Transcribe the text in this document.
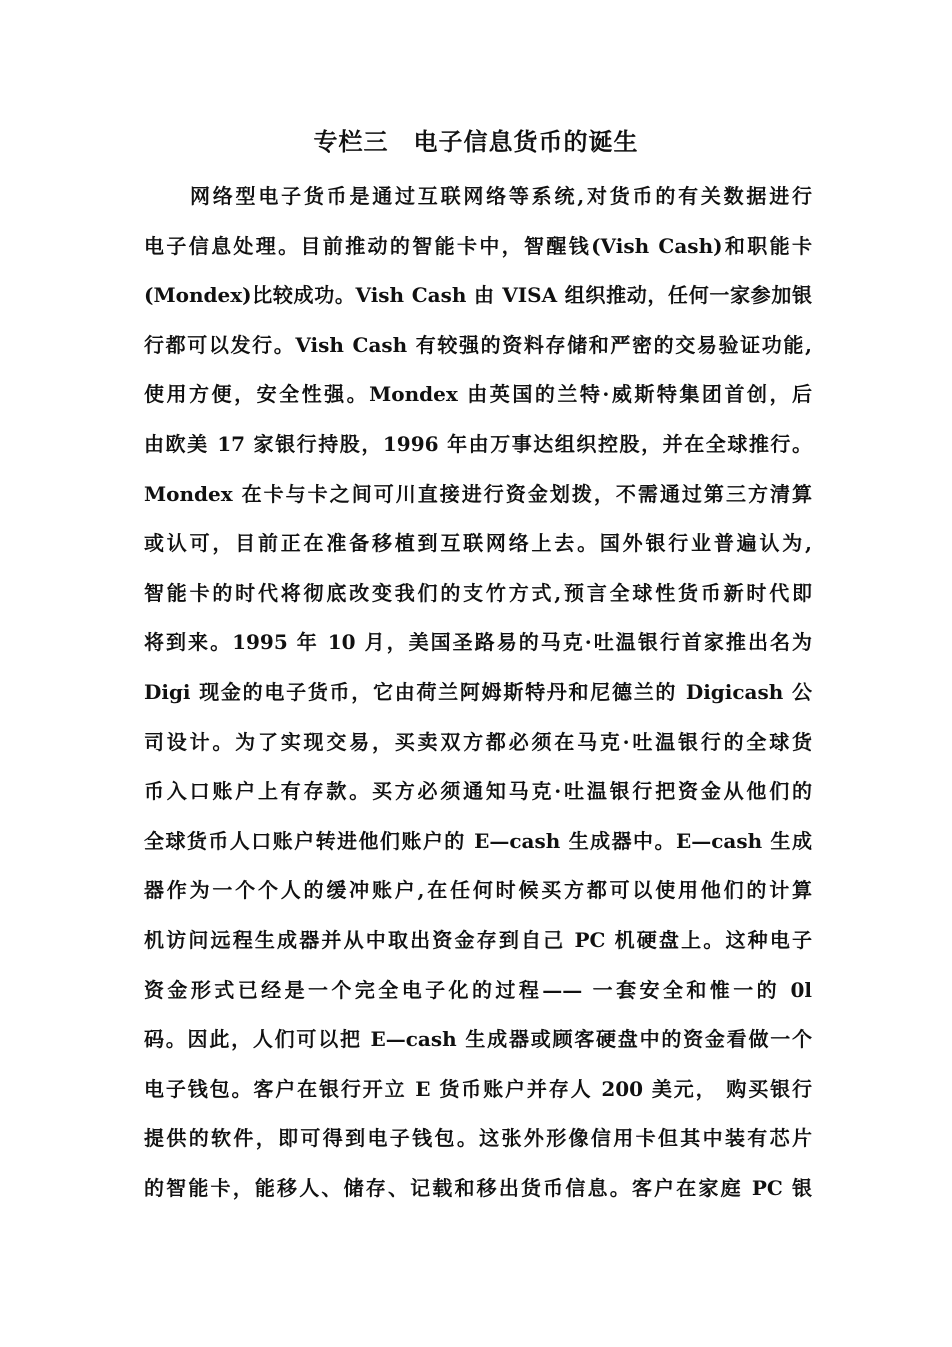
专栏三　电子信息货币的诞生
网络型电子货币是通过互联网络等系统,对货币的有关数据进行
电子信息处理。目前推动的智能卡中，智醒钱(Vish Cash)和职能卡
(Mondex)比较成功。Vish Cash 由 VISA 组织推动，任何一家参加银
行都可以发行。Vish Cash 有较强的资料存储和严密的交易验证功能,
使用方便，安全性强。Mondex 由英国的兰特·威斯特集团首创，后
由欧美 17 家银行持股，1996 年由万事达组织控股，并在全球推行。
Mondex 在卡与卡之间可川直接进行资金划拨，不需通过第三方清算
或认可，目前正在准备移植到互联网络上去。国外银行业普遍认为,
智能卡的时代将彻底改变我们的支竹方式,预言全球性货币新时代即
将到来。1995 年 10 月，美国圣路易的马克·吐温银行首家推出名为
Digi 现金的电子货币，它由荷兰阿姆斯特丹和尼德兰的 Digicash 公
司设计。为了实现交易，买卖双方都必须在马克·吐温银行的全球货
币入口账户上有存款。买方必须通知马克·吐温银行把资金从他们的
全球货币人口账户转进他们账户的 E—cash 生成器中。E—cash 生成
器作为一个个人的缓冲账户,在任何时候买方都可以使用他们的计算
机访问远程生成器并从中取出资金存到自己 PC 机硬盘上。这种电子
资金形式已经是一个完全电子化的过程—— 一套安全和惟一的 0l
码。因此，人们可以把 E—cash 生成器或顾客硬盘中的资金看做一个
电子钱包。客户在银行开立 E 货币账户并存人 200 美元， 购买银行
提供的软件，即可得到电子钱包。这张外形像信用卡但其中装有芯片
的智能卡，能移人、储存、记载和移出货币信息。客户在家庭 PC 银
